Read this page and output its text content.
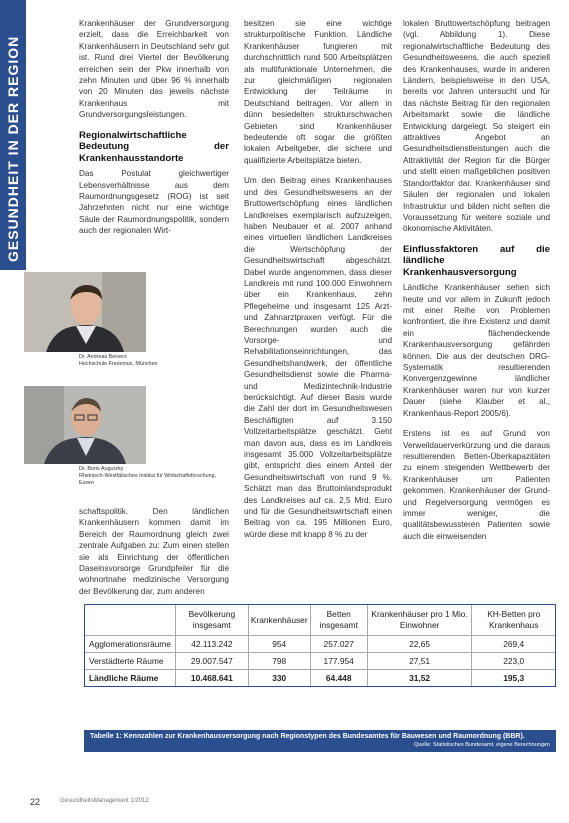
GESUNDHEIT IN DER REGION

Krankenhäuser der Grundversorgung erzielt, dass die Erreichbarkeit von Krankenhäusern in Deutschland sehr gut ist. Rund drei Viertel der Bevölkerung erreichen sein der Pkw innerhalb von zehn Minuten und über 96 % innerhalb von 20 Minuten das jeweils nächste Krankenhaus mit Grundversorgungsleistungen.

Regionalwirtschaftliche Bedeutung der Krankenhausstandorte

Das Postulat gleichwertiger Lebensverhältnisse aus dem Raumordnungsgesetz (ROG) ist seit Jahrzehnten nicht nur eine wichtige Säule der Raumordnungspolitik, sondern auch der regionalen Wirt-

Dr. Andreas Beivers
Hochschule Fresenius, München
Dr. Boris Augurzky
Rheinisch-Westfälisches Institut für Wirtschaftsforschung, Essen

schaftspolitik. Den ländlichen Krankenhäusern kommen damit im Bereich der Raumordnung gleich zwei zentrale Aufgaben zu: Zum einen stellen sie als Einrichtung der öffentlichen Daseinsvorsorge Grundpfeiler für die wohnortnahe medizinische Versorgung der Bevölkerung dar, zum anderen

besitzen sie eine wichtige strukturpolitische Funktion. Ländliche Krankenhäuser fungieren mit durchschnittlich rund 500 Arbeitsplätzen als multifunktionale Unternehmen, die zur gleichmäßigen regionalen Entwicklung der Teilräume in Deutschland beitragen. Vor allem in dünn besiedelten strukturschwachen Gebieten sind Krankenhäuser bedeutende oft sogar die größten lokalen Arbeitgeber, die sichere und qualifizierte Arbeitsplätze bieten.

Um den Beitrag eines Krankenhauses und des Gesundheitswesens an der Bruttowertschöpfung eines ländlichen Landkreises exemplarisch aufzuzeigen, haben Neubauer et al. 2007 anhand eines virtuellen ländlichen Landkreises die Wertschöpfung der Gesundheitswirtschaft abgeschätzt. Dabel wurde angenommen, dass dieser Landkreis mit rund 100.000 Einwohnern über ein Krankenhaus, zehn Pflegeheime und insgesamt 125 Arzt- und Zahnarztpraxen verfügt. Für die Berechnungen wurden auch die Vorsorge- und Rehabilitationseinrichtungen, das Gesundheitshandwerk, der öffentliche Gesundheitsdienst sowie die Pharma- und Medizintechnik-Industrie berücksichtigt. Auf dieser Basis wurde die Zahl der dort im Gesundheitswesen Beschäftigten auf 3.150 Vollzeitarbeitsplätze geschätzt. Geht man davon aus, dass es im Landkreis insgesamt 35.000 Vollzeitarbeitsplätze gibt, entspricht dies einem Anteil der Gesundheitswirtschaft von rund 9 %. Schätzt man das Bruttoinlandsprodukt des Landkreises auf ca. 2,5 Mrd. Euro und für die Gesundheitswirtschaft einen Beitrag von ca. 195 Millionen Euro, würde diese mit knapp 8 % zu der

lokalen Bruttowertschöpfung beitragen (vgl. Abbildung 1). Diese regionalwirtschaftliche Bedeutung des Gesundheitswesens, die auch speziell des Krankenhauses, wurde in anderen Ländern, beispielsweise in den USA, bereits vor Jahren untersucht und für das nächste Beitrag für den regionalen Arbeitsmarkt sowie die ländliche Entwicklung dargelegt. So steigert ein attraktives Angebot an Gesundheitsdienstleistungen auch die Attraktivität der Region für die Bürger und stellt einen maßgeblichen positiven Standortfaktor dar. Krankenhäuser sind Säulen der regionalen und lokalen Infrastruktur und bilden nicht selten die Voraussetzung für weitere soziale und ökonomische Aktivitäten.

Einflussfaktoren auf die ländliche Krankenhausversorgung

Ländliche Krankenhäuser sehen sich heute und vor allem in Zukunft jedoch mit einer Reihe von Problemen konfrontiert, die ihre Existenz und damit ein flächendeckende Krankenhausversorgung gefährden können. Die aus der deutschen DRG-Systematik resultierenden Konvergenzgewinne ländlicher Krankenhäuser waren nur von kurzer Dauer (siehe Klauber et al., Krankenhaus-Report 2005/6).

Erstens ist es auf Grund von Verweildauerverkürzung und die daraus resultierenden Betten-Überkapazitäten zu einem steigenden Wettbewerb der Krankenhäuser um Patienten gekommen. Krankenhäuser der Grund- und Regelversorgung vermögen es immer weniger, die qualitätsbewussteren Patienten sowie auch die einweisenden

	Bevölkerung insgesamt	Krankenhäuser	Betten insgesamt	Krankenhäuser pro 1 Mio. Einwohner	KH-Betten pro Krankenhaus
Agglomerationsräume	42.113.242	954	257.027	22,65	269,4
Verstädterte Räume	29.007.547	798	177.954	27,51	223,0
Ländliche Räume	10.468.641	330	64.448	31,52	195,3
Tabelle 1: Kennzahlen zur Krankenhausversorgung nach Regionstypen des Bundesamtes für Bauwesen und Raumordnung (BBR).
Quelle: Statistisches Bundesamt, eigene Berechnungen
22	GesundheitsManagement 1/2012
